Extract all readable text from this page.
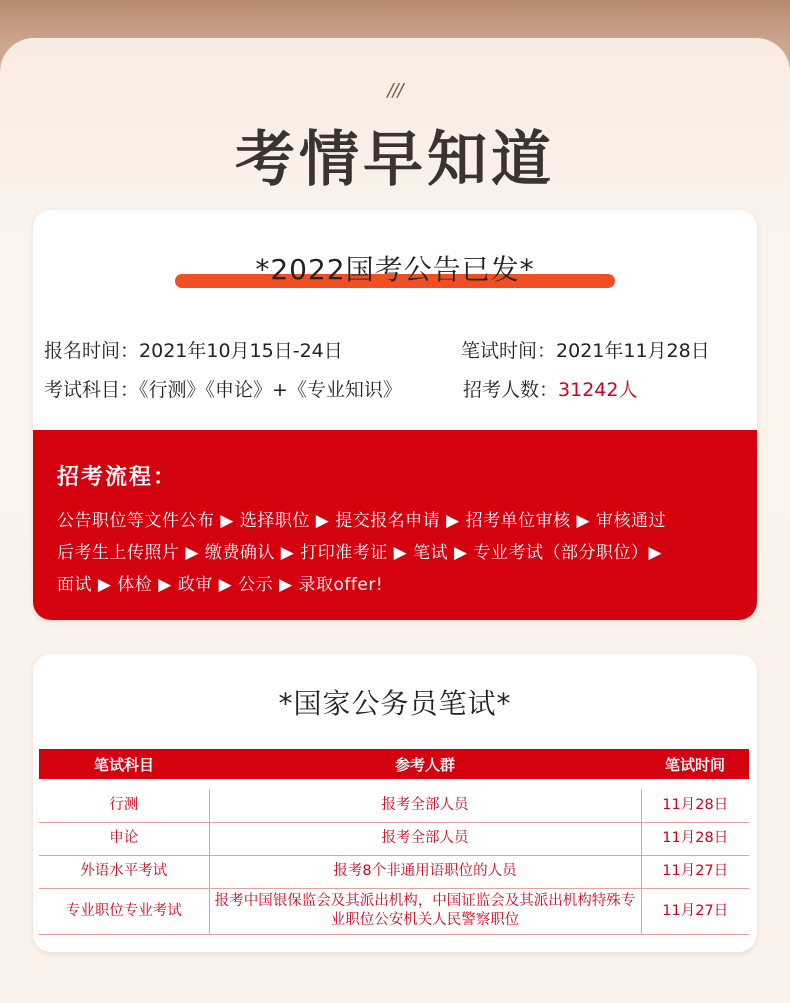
///
考情早知道
*2022国考公告已发*
报名时间：2021年10月15日-24日	笔试时间：2021年11月28日
考试科目：《行测》《申论》+《专业知识》	招考人数：31242人
招考流程：
公告职位等文件公布 ▶ 选择职位 ▶ 提交报名申请 ▶ 招考单位审核 ▶ 审核通过
后考生上传照片 ▶ 缴费确认 ▶ 打印准考证 ▶ 笔试 ▶ 专业考试（部分职位）▶
面试 ▶ 体检 ▶ 政审 ▶ 公示 ▶ 录取offer!
*国家公务员笔试*
笔试科目	参考人群	笔试时间

行测	报考全部人员	11月28日
申论	报考全部人员	11月28日
外语水平考试	报考8个非通用语职位的人员	11月27日
专业职位专业考试	报考中国银保监会及其派出机构，中国证监会及其派出机构特殊专业职位公安机关人民警察职位	11月27日
